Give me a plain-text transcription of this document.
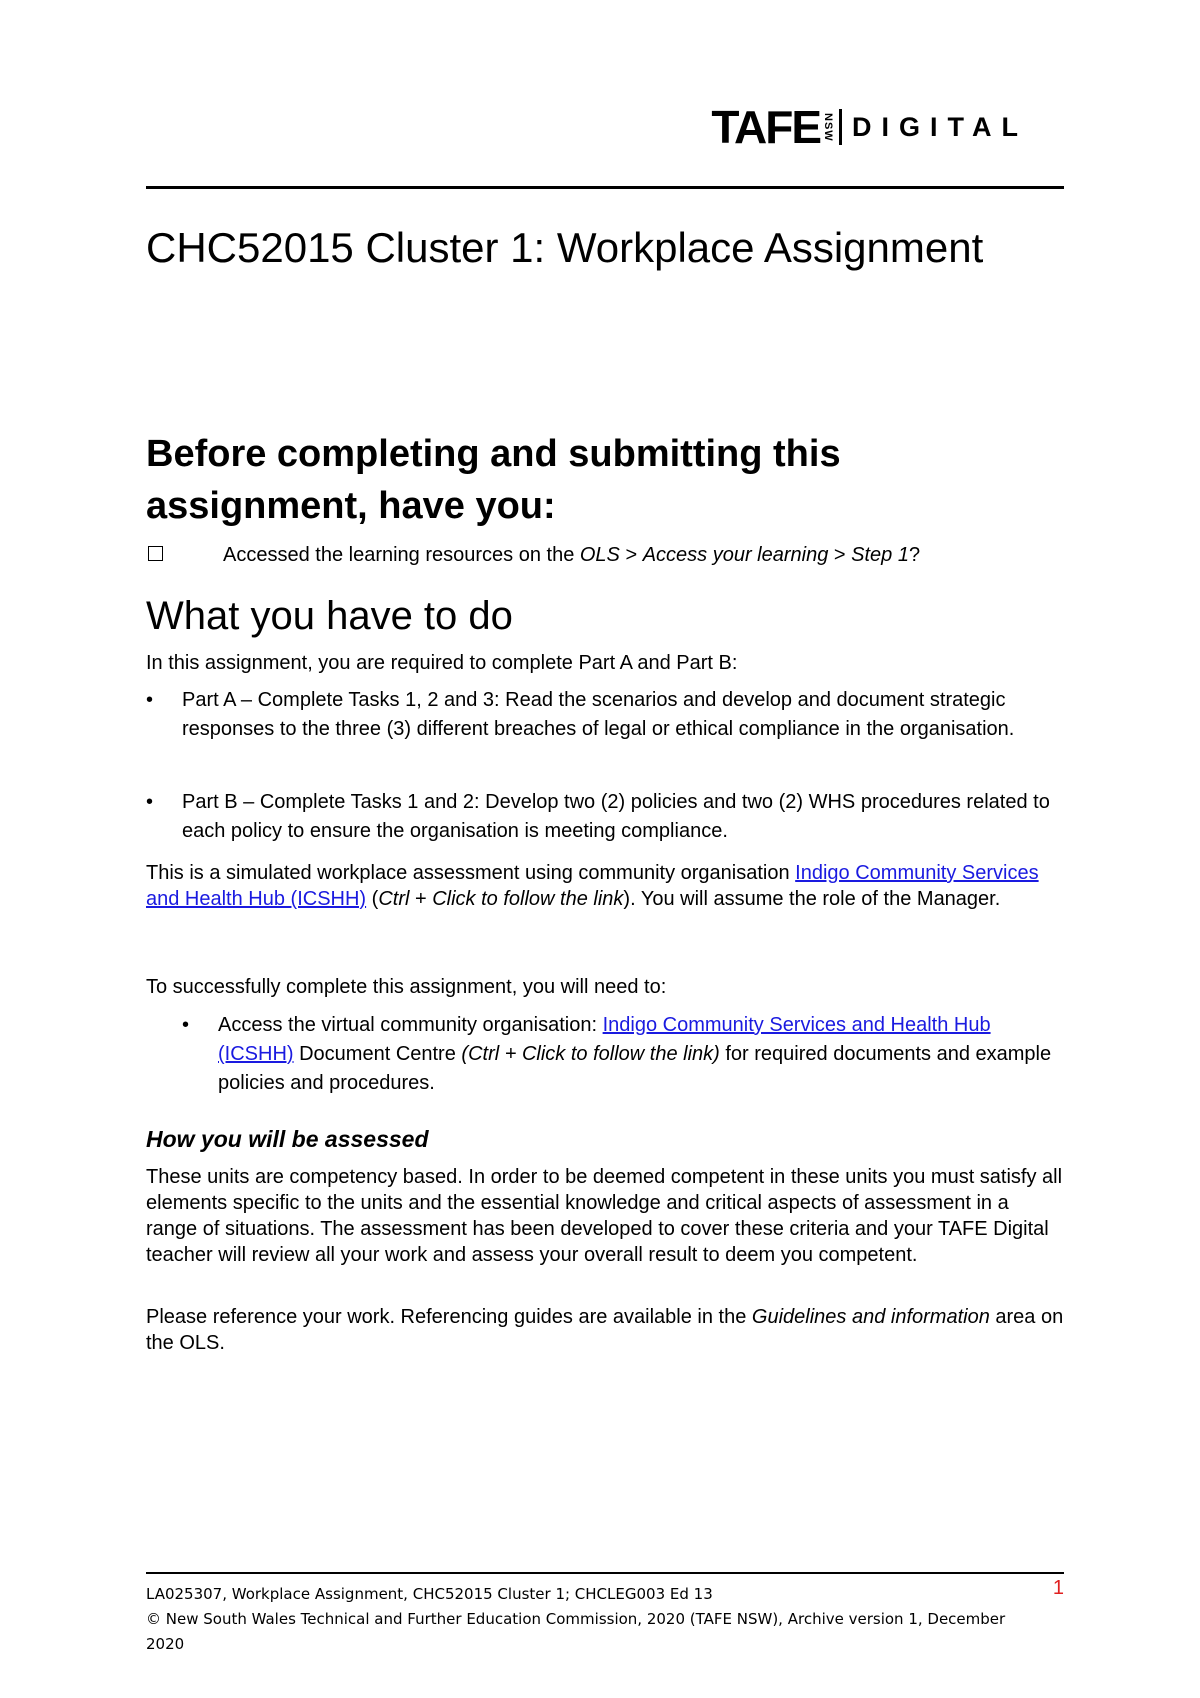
TAFE NSW DIGITAL
CHC52015 Cluster 1: Workplace Assignment
Before completing and submitting this assignment, have you:
Accessed the learning resources on the OLS > Access your learning > Step 1?
What you have to do
In this assignment, you are required to complete Part A and Part B:
• Part A – Complete Tasks 1, 2 and 3: Read the scenarios and develop and document strategic responses to the three (3) different breaches of legal or ethical compliance in the organisation.
• Part B – Complete Tasks 1 and 2: Develop two (2) policies and two (2) WHS procedures related to each policy to ensure the organisation is meeting compliance.
This is a simulated workplace assessment using community organisation Indigo Community Services and Health Hub (ICSHH) (Ctrl + Click to follow the link). You will assume the role of the Manager.
To successfully complete this assignment, you will need to:
• Access the virtual community organisation: Indigo Community Services and Health Hub (ICSHH) Document Centre (Ctrl + Click to follow the link) for required documents and example policies and procedures.
How you will be assessed
These units are competency based. In order to be deemed competent in these units you must satisfy all elements specific to the units and the essential knowledge and critical aspects of assessment in a range of situations. The assessment has been developed to cover these criteria and your TAFE Digital teacher will review all your work and assess your overall result to deem you competent.
Please reference your work. Referencing guides are available in the Guidelines and information area on the OLS.
LA025307, Workplace Assignment, CHC52015 Cluster 1; CHCLEG003 Ed 13
© New South Wales Technical and Further Education Commission, 2020 (TAFE NSW), Archive version 1, December 2020
1
